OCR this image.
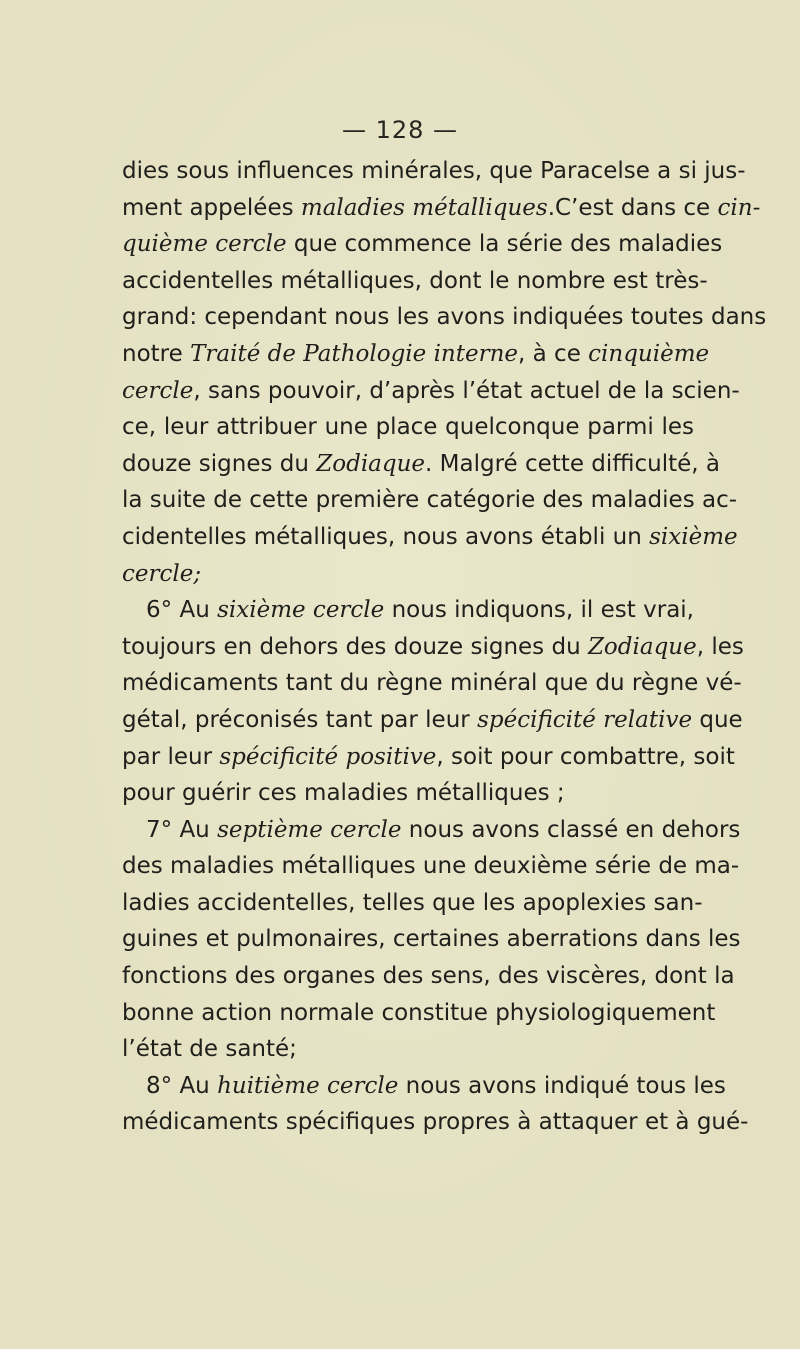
— 128 —
dies sous influences minérales, que Paracelse a si jus-
ment appelées maladies métalliques.C’est dans ce cin-
quième cercle que commence la série des maladies
accidentelles métalliques, dont le nombre est très-
grand: cependant nous les avons indiquées toutes dans
notre Traité de Pathologie interne, à ce cinquième
cercle, sans pouvoir, d’après l’état actuel de la scien-
ce, leur attribuer une place quelconque parmi les
douze signes du Zodiaque. Malgré cette difficulté, à
la suite de cette première catégorie des maladies ac-
cidentelles métalliques, nous avons établi un sixième
cercle;
6° Au sixième cercle nous indiquons, il est vrai,
toujours en dehors des douze signes du Zodiaque, les
médicaments tant du règne minéral que du règne vé-
gétal, préconisés tant par leur spécificité relative que
par leur spécificité positive, soit pour combattre, soit
pour guérir ces maladies métalliques ;
7° Au septième cercle nous avons classé en dehors
des maladies métalliques une deuxième série de ma-
ladies accidentelles, telles que les apoplexies san-
guines et pulmonaires, certaines aberrations dans les
fonctions des organes des sens, des viscères, dont la
bonne action normale constitue physiologiquement
l’état de santé;
8° Au huitième cercle nous avons indiqué tous les
médicaments spécifiques propres à attaquer et à gué-
